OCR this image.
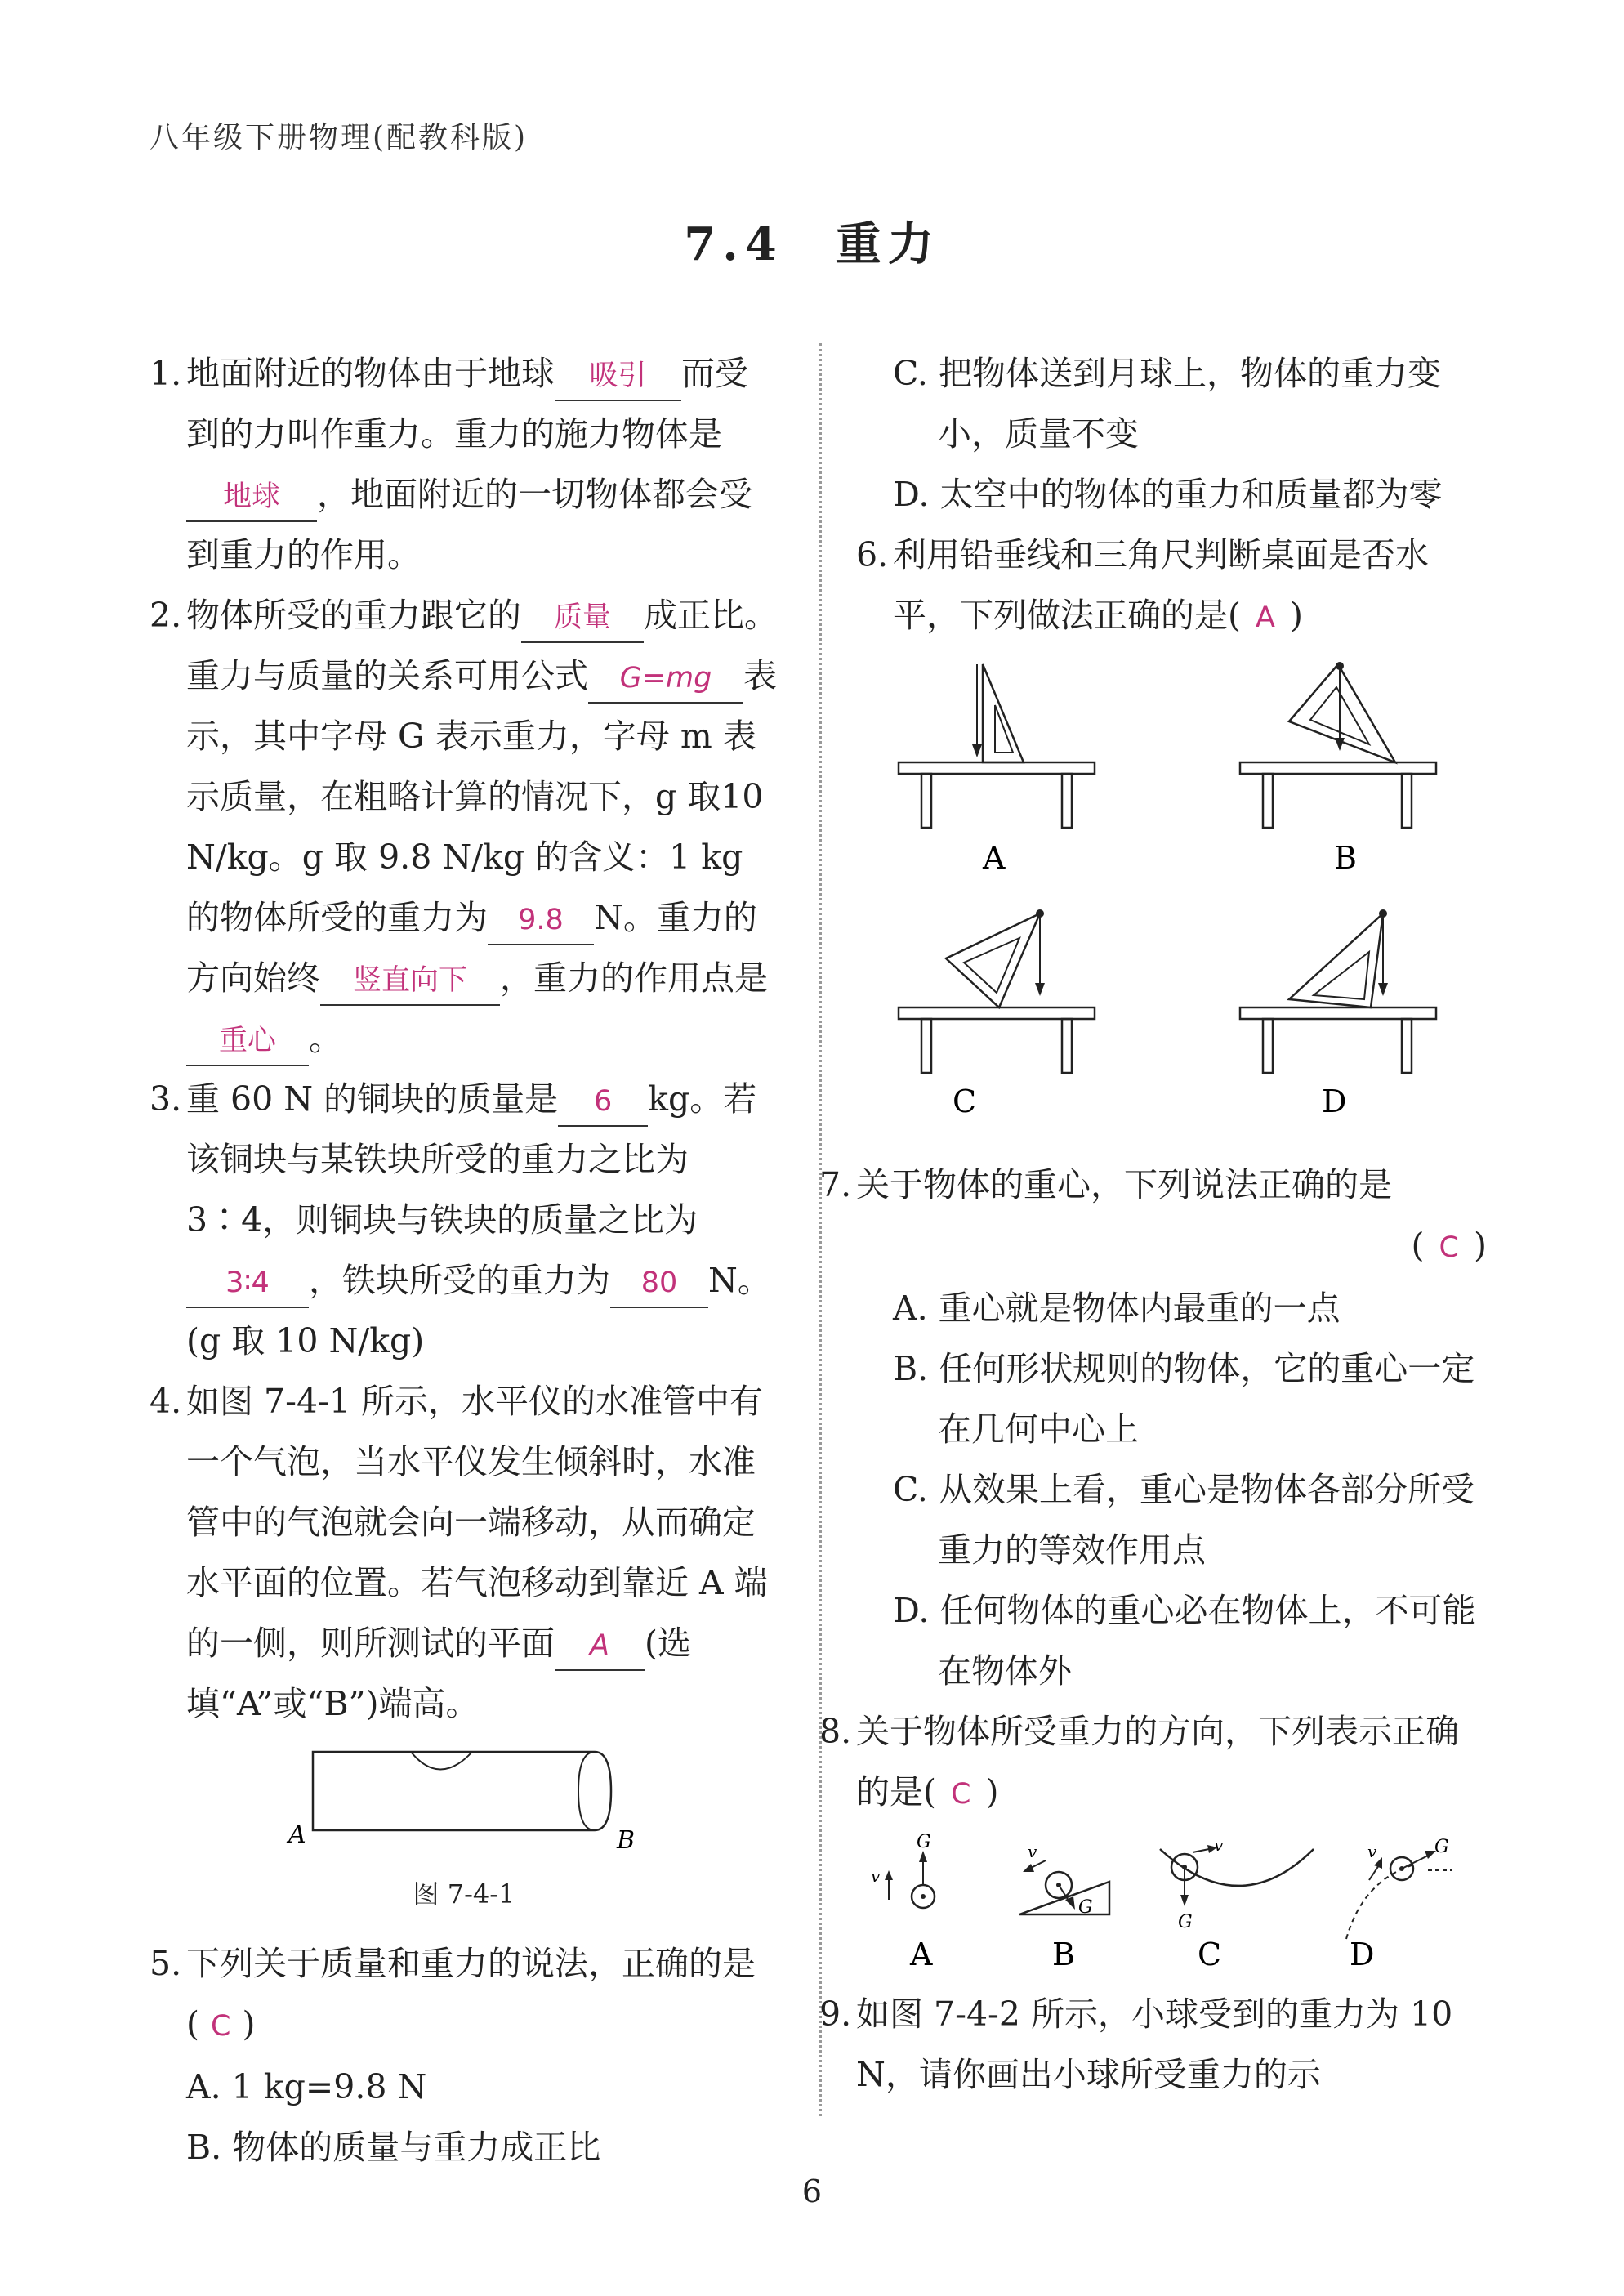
八年级下册物理(配教科版)
7.4　重力
1. 地面附近的物体由于地球 吸引 而受到的力叫作重力。重力的施力物体是地球 ，地面附近的一切物体都会受到重力的作用。
2. 物体所受的重力跟它的 质量 成正比。重力与质量的关系可用公式 G=mg 表示，其中字母 G 表示重力，字母 m 表示质量，在粗略计算的情况下，g 取10 N/kg。g 取 9.8 N/kg 的含义：1 kg 的物体所受的重力为 9.8 N。重力的方向始终 竖直向下 ，重力的作用点是重心 。
3. 重 60 N 的铜块的质量是 6 kg。若该铜块与某铁块所受的重力之比为 3∶4，则铜块与铁块的质量之比为3∶4 ，铁块所受的重力为 80 N。(g 取 10 N/kg)
4. 如图 7-4-1 所示，水平仪的水准管中有一个气泡，当水平仪发生倾斜时，水准管中的气泡就会向一端移动，从而确定水平面的位置。若气泡移动到靠近 A 端的一侧，则所测试的平面 A (选填“A”或“B”)端高。
A	B
图 7-4-1
5. 下列关于质量和重力的说法，正确的是( C )
A. 1 kg=9.8 N
B. 物体的质量与重力成正比
C. 把物体送到月球上，物体的重力变小，质量不变
D. 太空中的物体的重力和质量都为零
6. 利用铅垂线和三角尺判断桌面是否水平，下列做法正确的是( A )
A	B
C	D
7. 关于物体的重心，下列说法正确的是
( C )
A. 重心就是物体内最重的一点
B. 任何形状规则的物体，它的重心一定在几何中心上
C. 从效果上看，重心是物体各部分所受重力的等效作用点
D. 任何物体的重心必在物体上，不可能在物体外
8. 关于物体所受重力的方向，下列表示正确的是( C )
G
v
A
G
v
B
G
v
C
G
v
D
9. 如图 7-4-2 所示，小球受到的重力为 10 N，请你画出小球所受重力的示
6
